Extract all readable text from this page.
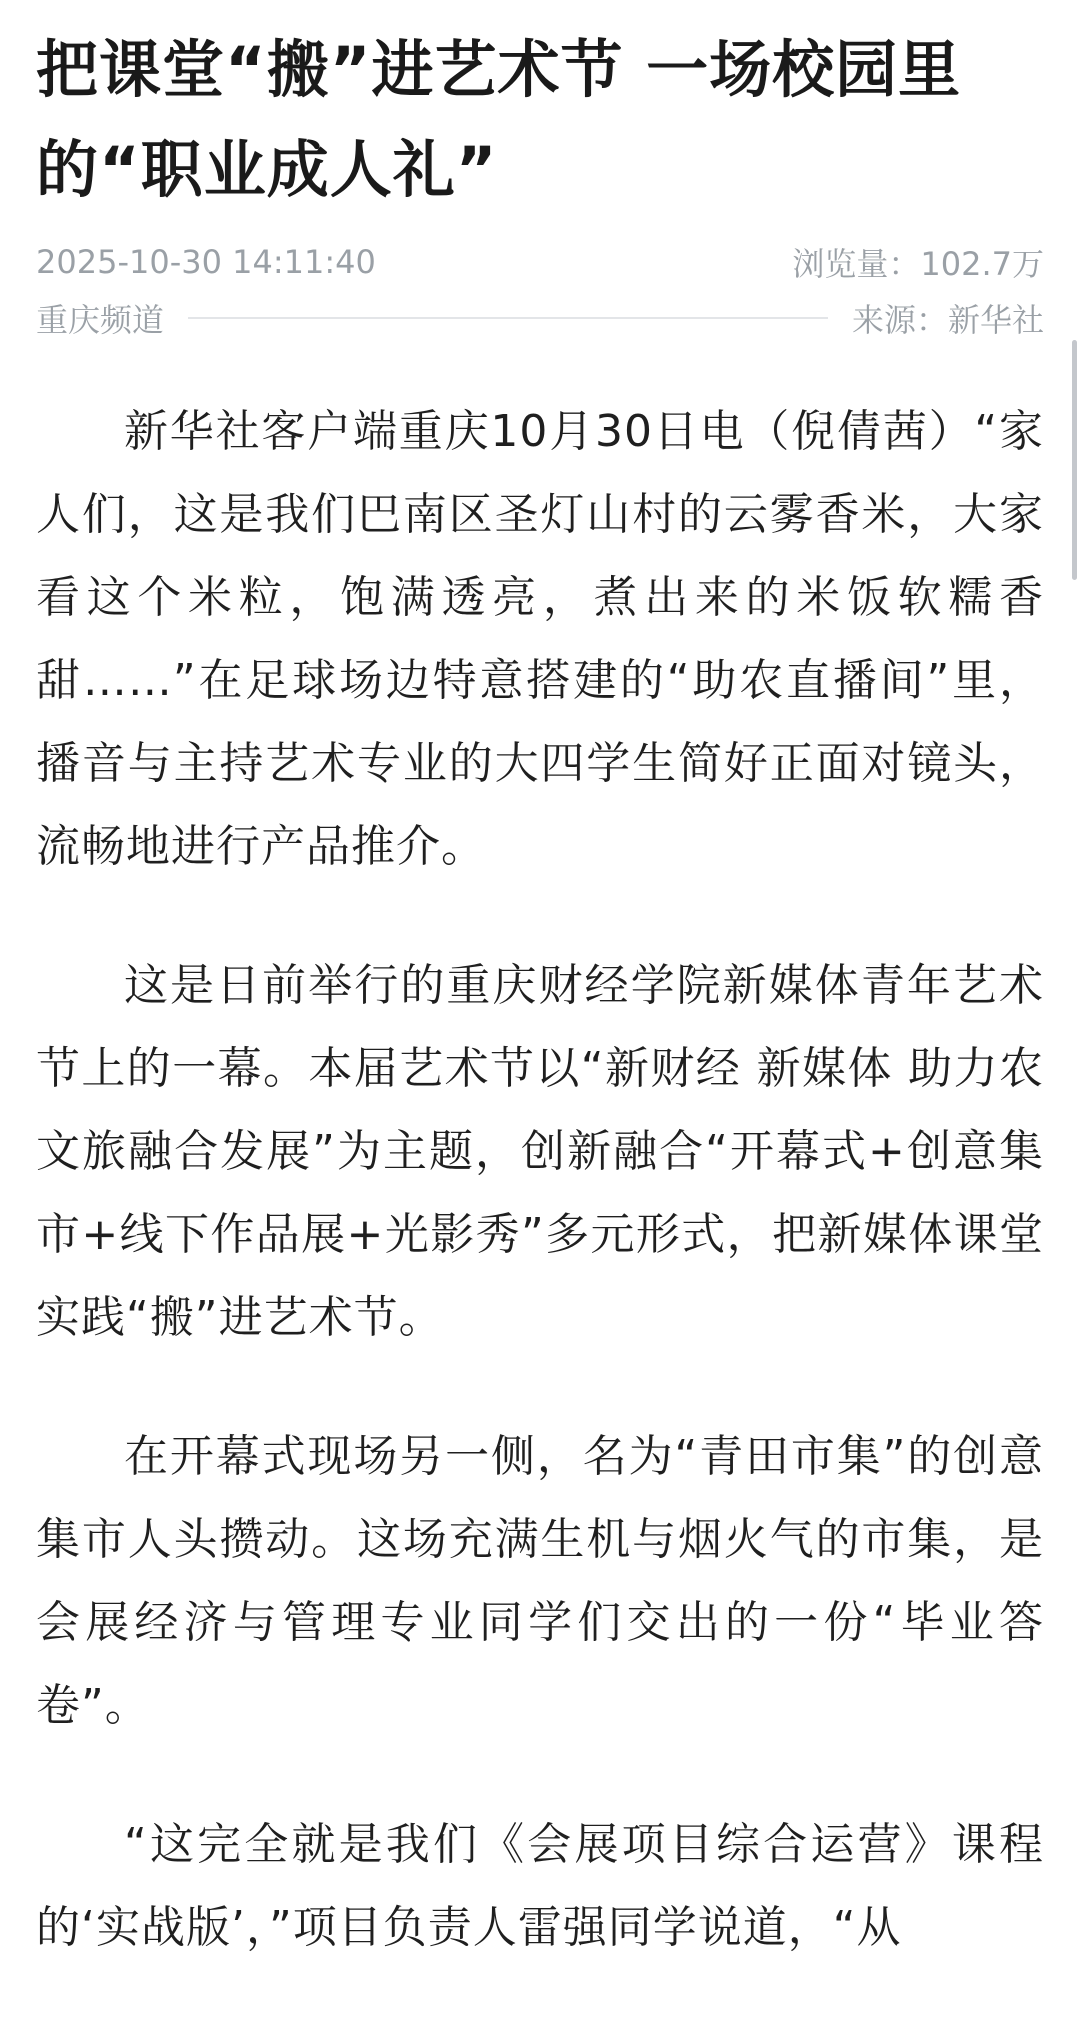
把课堂“搬”进艺术节 一场校园里的“职业成人礼”
2025-10-30 14:11:40	浏览量：102.7万
重庆频道	来源：新华社

新华社客户端重庆10月30日电（倪倩茜）“家人们，这是我们巴南区圣灯山村的云雾香米，大家看这个米粒，饱满透亮，煮出来的米饭软糯香甜……”在足球场边特意搭建的“助农直播间”里，播音与主持艺术专业的大四学生简好正面对镜头，流畅地进行产品推介。

这是日前举行的重庆财经学院新媒体青年艺术节上的一幕。本届艺术节以“新财经 新媒体 助力农文旅融合发展”为主题，创新融合“开幕式+创意集市+线下作品展+光影秀”多元形式，把新媒体课堂实践“搬”进艺术节。

在开幕式现场另一侧，名为“青田市集”的创意集市人头攒动。这场充满生机与烟火气的市集，是会展经济与管理专业同学们交出的一份“毕业答卷”。

“这完全就是我们《会展项目综合运营》课程的‘实战版’，”项目负责人雷强同学说道，“从
